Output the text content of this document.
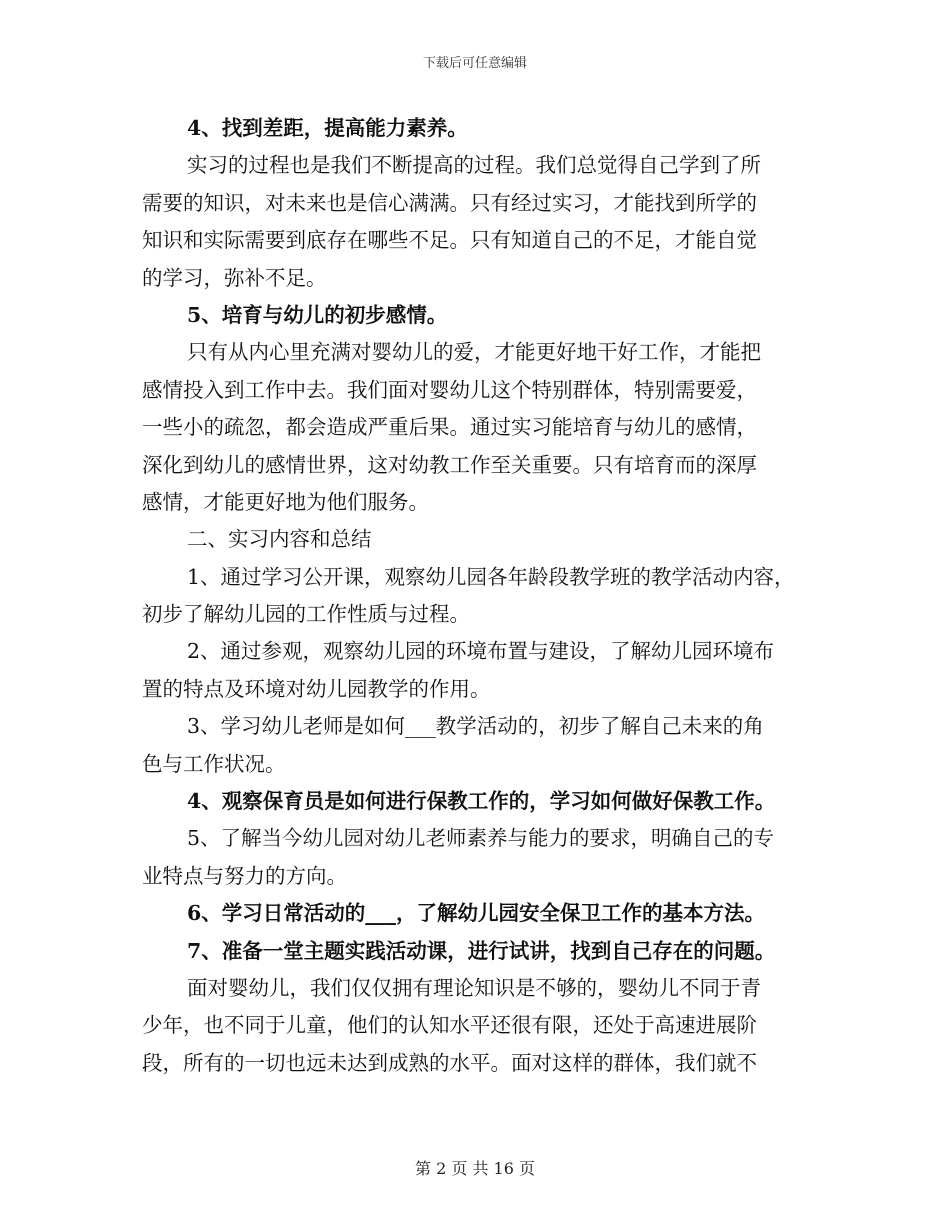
下载后可任意编辑
4、找到差距，提高能力素养。
实习的过程也是我们不断提高的过程。我们总觉得自己学到了所
需要的知识，对未来也是信心满满。只有经过实习，才能找到所学的
知识和实际需要到底存在哪些不足。只有知道自己的不足，才能自觉
的学习，弥补不足。
5、培育与幼儿的初步感情。
只有从内心里充满对婴幼儿的爱，才能更好地干好工作，才能把
感情投入到工作中去。我们面对婴幼儿这个特别群体，特别需要爱，
一些小的疏忽，都会造成严重后果。通过实习能培育与幼儿的感情，
深化到幼儿的感情世界，这对幼教工作至关重要。只有培育而的深厚
感情，才能更好地为他们服务。
二、实习内容和总结
1、通过学习公开课，观察幼儿园各年龄段教学班的教学活动内容，
初步了解幼儿园的工作性质与过程。
2、通过参观，观察幼儿园的环境布置与建设，了解幼儿园环境布
置的特点及环境对幼儿园教学的作用。
3、学习幼儿老师是如何___教学活动的，初步了解自己未来的角
色与工作状况。
4、观察保育员是如何进行保教工作的，学习如何做好保教工作。
5、了解当今幼儿园对幼儿老师素养与能力的要求，明确自己的专
业特点与努力的方向。
6、学习日常活动的___，了解幼儿园安全保卫工作的基本方法。
7、准备一堂主题实践活动课，进行试讲，找到自己存在的问题。
面对婴幼儿，我们仅仅拥有理论知识是不够的，婴幼儿不同于青
少年，也不同于儿童，他们的认知水平还很有限，还处于高速进展阶
段，所有的一切也远未达到成熟的水平。面对这样的群体，我们就不
第 2 页 共 16 页
